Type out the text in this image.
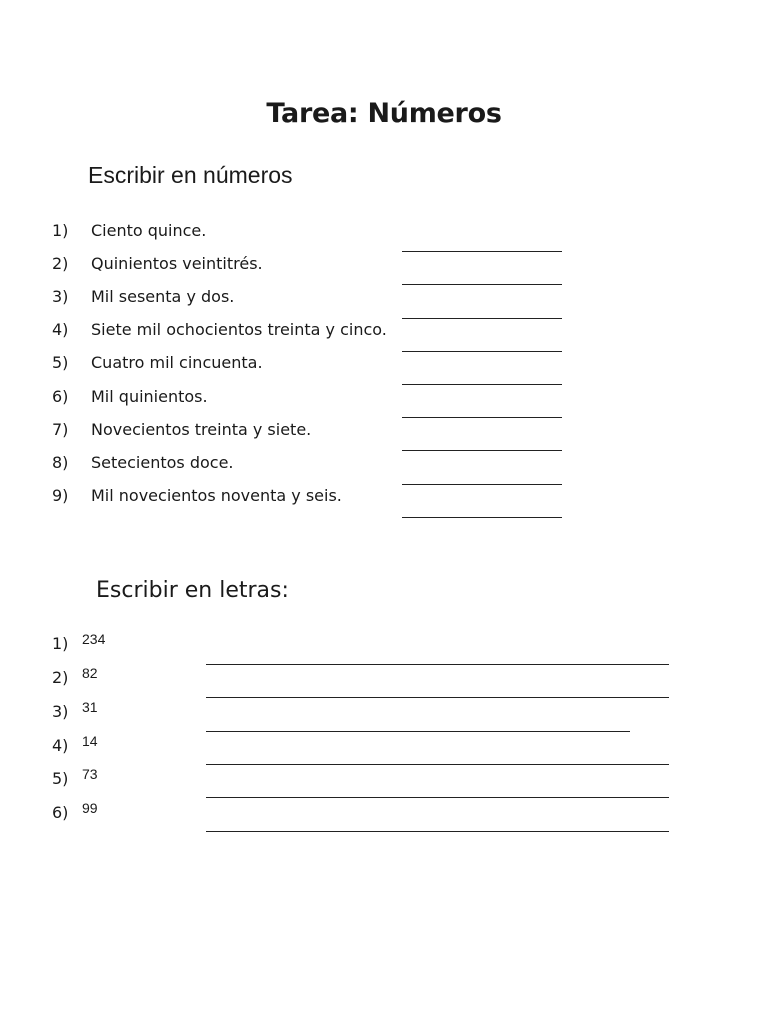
Tarea: Números
Escribir en números
1) Ciento quince.
2) Quinientos veintitrés.
3) Mil sesenta y dos.
4) Siete mil ochocientos treinta y cinco.
5) Cuatro mil cincuenta.
6) Mil quinientos.
7) Novecientos treinta y siete.
8) Setecientos doce.
9) Mil novecientos noventa y seis.
Escribir en letras:
1) 234
2) 82
3) 31
4) 14
5) 73
6) 99
